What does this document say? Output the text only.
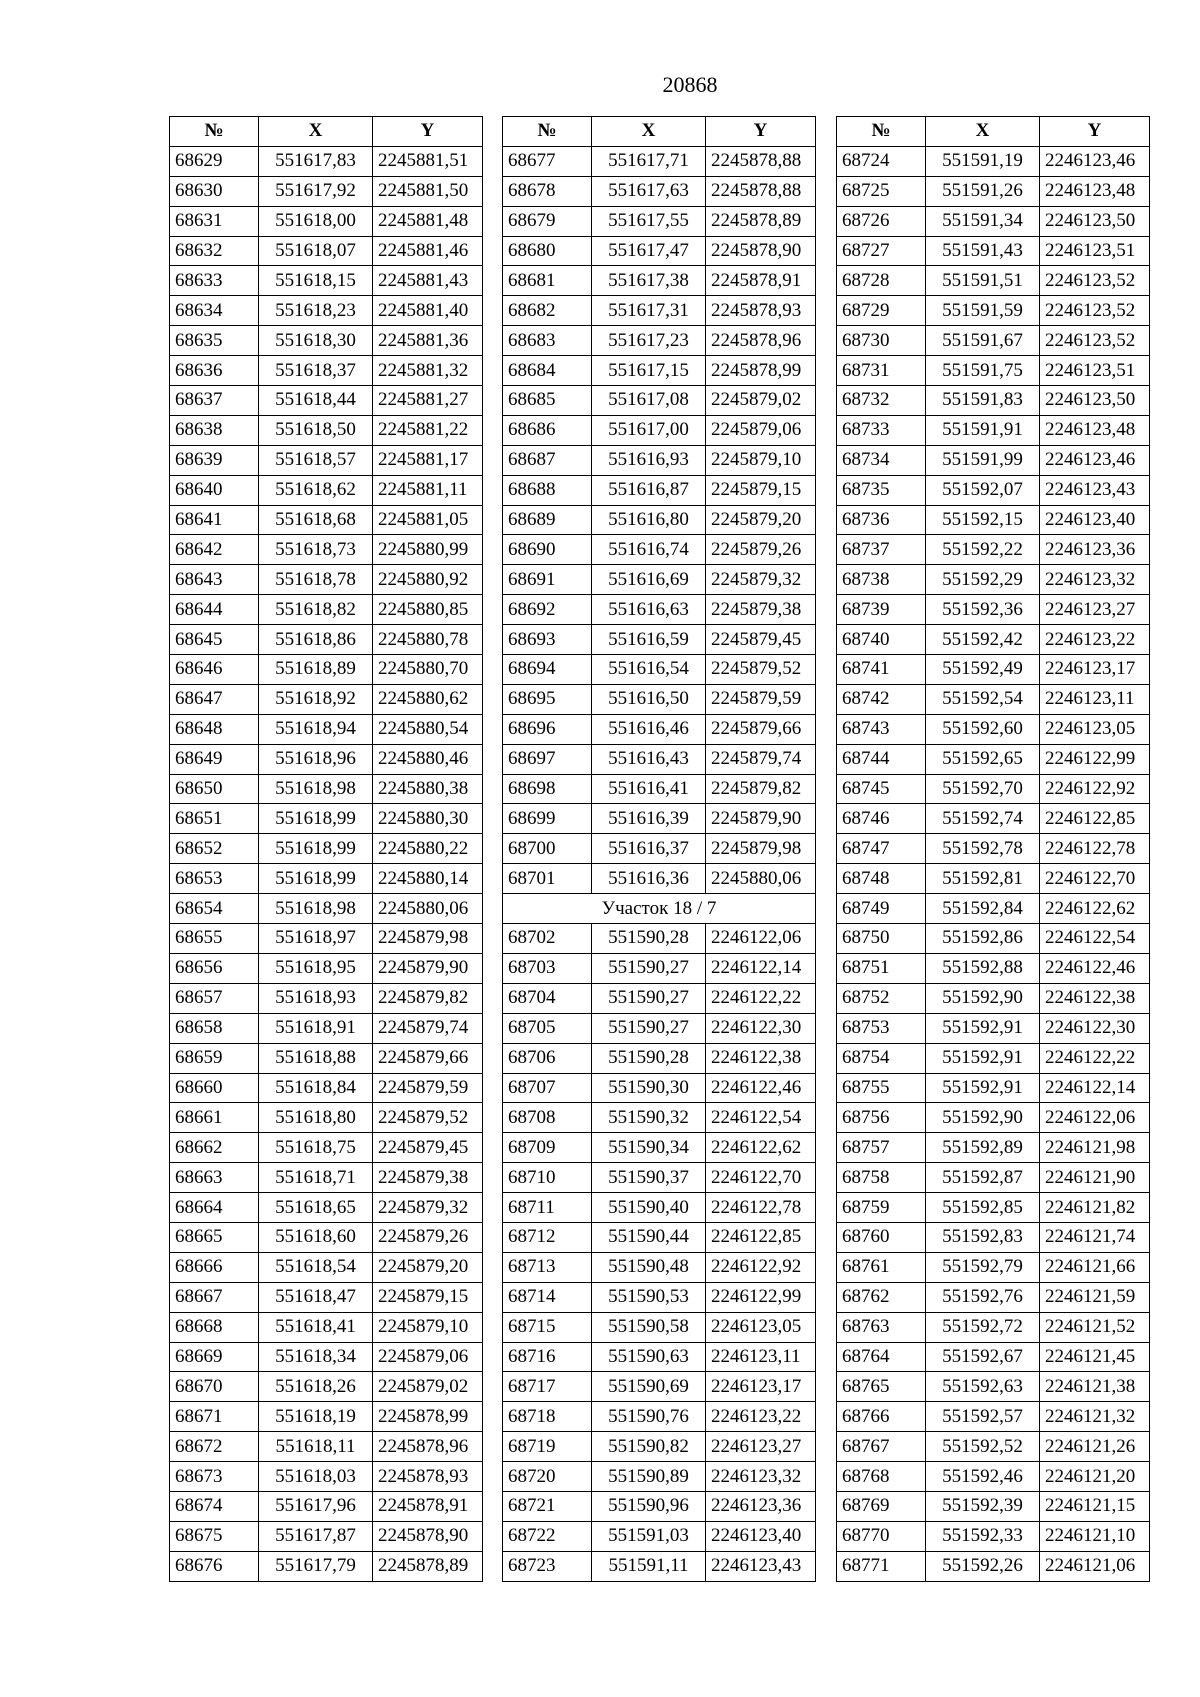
20868
№	X	Y
68629	551617,83	2245881,51
68630	551617,92	2245881,50
68631	551618,00	2245881,48
68632	551618,07	2245881,46
68633	551618,15	2245881,43
68634	551618,23	2245881,40
68635	551618,30	2245881,36
68636	551618,37	2245881,32
68637	551618,44	2245881,27
68638	551618,50	2245881,22
68639	551618,57	2245881,17
68640	551618,62	2245881,11
68641	551618,68	2245881,05
68642	551618,73	2245880,99
68643	551618,78	2245880,92
68644	551618,82	2245880,85
68645	551618,86	2245880,78
68646	551618,89	2245880,70
68647	551618,92	2245880,62
68648	551618,94	2245880,54
68649	551618,96	2245880,46
68650	551618,98	2245880,38
68651	551618,99	2245880,30
68652	551618,99	2245880,22
68653	551618,99	2245880,14
68654	551618,98	2245880,06
68655	551618,97	2245879,98
68656	551618,95	2245879,90
68657	551618,93	2245879,82
68658	551618,91	2245879,74
68659	551618,88	2245879,66
68660	551618,84	2245879,59
68661	551618,80	2245879,52
68662	551618,75	2245879,45
68663	551618,71	2245879,38
68664	551618,65	2245879,32
68665	551618,60	2245879,26
68666	551618,54	2245879,20
68667	551618,47	2245879,15
68668	551618,41	2245879,10
68669	551618,34	2245879,06
68670	551618,26	2245879,02
68671	551618,19	2245878,99
68672	551618,11	2245878,96
68673	551618,03	2245878,93
68674	551617,96	2245878,91
68675	551617,87	2245878,90
68676	551617,79	2245878,89
№	X	Y
68677	551617,71	2245878,88
68678	551617,63	2245878,88
68679	551617,55	2245878,89
68680	551617,47	2245878,90
68681	551617,38	2245878,91
68682	551617,31	2245878,93
68683	551617,23	2245878,96
68684	551617,15	2245878,99
68685	551617,08	2245879,02
68686	551617,00	2245879,06
68687	551616,93	2245879,10
68688	551616,87	2245879,15
68689	551616,80	2245879,20
68690	551616,74	2245879,26
68691	551616,69	2245879,32
68692	551616,63	2245879,38
68693	551616,59	2245879,45
68694	551616,54	2245879,52
68695	551616,50	2245879,59
68696	551616,46	2245879,66
68697	551616,43	2245879,74
68698	551616,41	2245879,82
68699	551616,39	2245879,90
68700	551616,37	2245879,98
68701	551616,36	2245880,06
Участок 18 / 7		
68702	551590,28	2246122,06
68703	551590,27	2246122,14
68704	551590,27	2246122,22
68705	551590,27	2246122,30
68706	551590,28	2246122,38
68707	551590,30	2246122,46
68708	551590,32	2246122,54
68709	551590,34	2246122,62
68710	551590,37	2246122,70
68711	551590,40	2246122,78
68712	551590,44	2246122,85
68713	551590,48	2246122,92
68714	551590,53	2246122,99
68715	551590,58	2246123,05
68716	551590,63	2246123,11
68717	551590,69	2246123,17
68718	551590,76	2246123,22
68719	551590,82	2246123,27
68720	551590,89	2246123,32
68721	551590,96	2246123,36
68722	551591,03	2246123,40
68723	551591,11	2246123,43
№	X	Y
68724	551591,19	2246123,46
68725	551591,26	2246123,48
68726	551591,34	2246123,50
68727	551591,43	2246123,51
68728	551591,51	2246123,52
68729	551591,59	2246123,52
68730	551591,67	2246123,52
68731	551591,75	2246123,51
68732	551591,83	2246123,50
68733	551591,91	2246123,48
68734	551591,99	2246123,46
68735	551592,07	2246123,43
68736	551592,15	2246123,40
68737	551592,22	2246123,36
68738	551592,29	2246123,32
68739	551592,36	2246123,27
68740	551592,42	2246123,22
68741	551592,49	2246123,17
68742	551592,54	2246123,11
68743	551592,60	2246123,05
68744	551592,65	2246122,99
68745	551592,70	2246122,92
68746	551592,74	2246122,85
68747	551592,78	2246122,78
68748	551592,81	2246122,70
68749	551592,84	2246122,62
68750	551592,86	2246122,54
68751	551592,88	2246122,46
68752	551592,90	2246122,38
68753	551592,91	2246122,30
68754	551592,91	2246122,22
68755	551592,91	2246122,14
68756	551592,90	2246122,06
68757	551592,89	2246121,98
68758	551592,87	2246121,90
68759	551592,85	2246121,82
68760	551592,83	2246121,74
68761	551592,79	2246121,66
68762	551592,76	2246121,59
68763	551592,72	2246121,52
68764	551592,67	2246121,45
68765	551592,63	2246121,38
68766	551592,57	2246121,32
68767	551592,52	2246121,26
68768	551592,46	2246121,20
68769	551592,39	2246121,15
68770	551592,33	2246121,10
68771	551592,26	2246121,06
